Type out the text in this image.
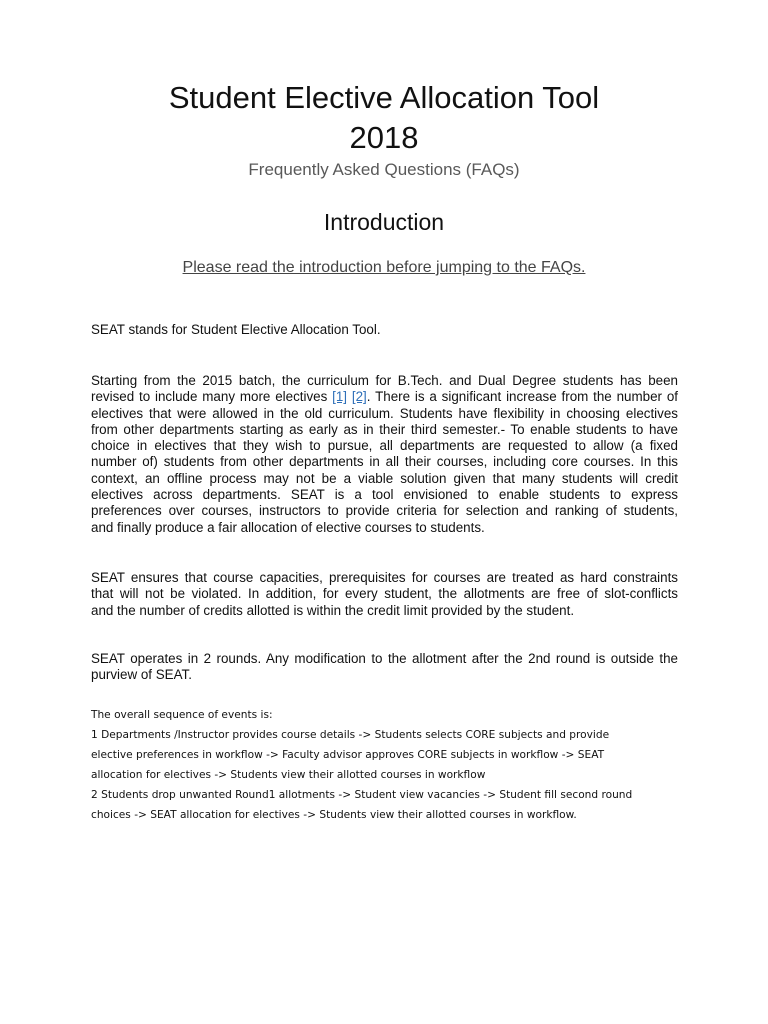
Student Elective Allocation Tool
2018
Frequently Asked Questions (FAQs)
Introduction
Please read the introduction before jumping to the FAQs.
SEAT stands for Student Elective Allocation Tool.
Starting from the 2015 batch, the curriculum for B.Tech. and Dual Degree students has been
revised to include many more electives [1] [2]. There is a significant increase from the number of
electives that were allowed in the old curriculum. Students have flexibility in choosing electives
from other departments starting as early as in their third semester.- To enable students to have
choice in electives that they wish to pursue, all departments are requested to allow (a fixed
number of) students from other departments in all their courses, including core courses. In this
context, an offline process may not be a viable solution given that many students will credit
electives across departments. SEAT is a tool envisioned to enable students to express
preferences over courses, instructors to provide criteria for selection and ranking of students,
and finally produce a fair allocation of elective courses to students.
SEAT ensures that course capacities, prerequisites for courses are treated as hard constraints
that will not be violated. In addition, for every student, the allotments are free of slot-conflicts
and the number of credits allotted is within the credit limit provided by the student.
SEAT operates in 2 rounds. Any modification to the allotment after the 2nd round is outside the
purview of SEAT.
The overall sequence of events is:
1 Departments /Instructor provides course details -> Students selects CORE subjects and provide
elective preferences in workflow -> Faculty advisor approves CORE subjects in workflow -> SEAT
allocation for electives -> Students view their allotted courses in workflow
2 Students drop unwanted Round1 allotments -> Student view vacancies -> Student fill second round
choices -> SEAT allocation for electives -> Students view their allotted courses in workflow.
